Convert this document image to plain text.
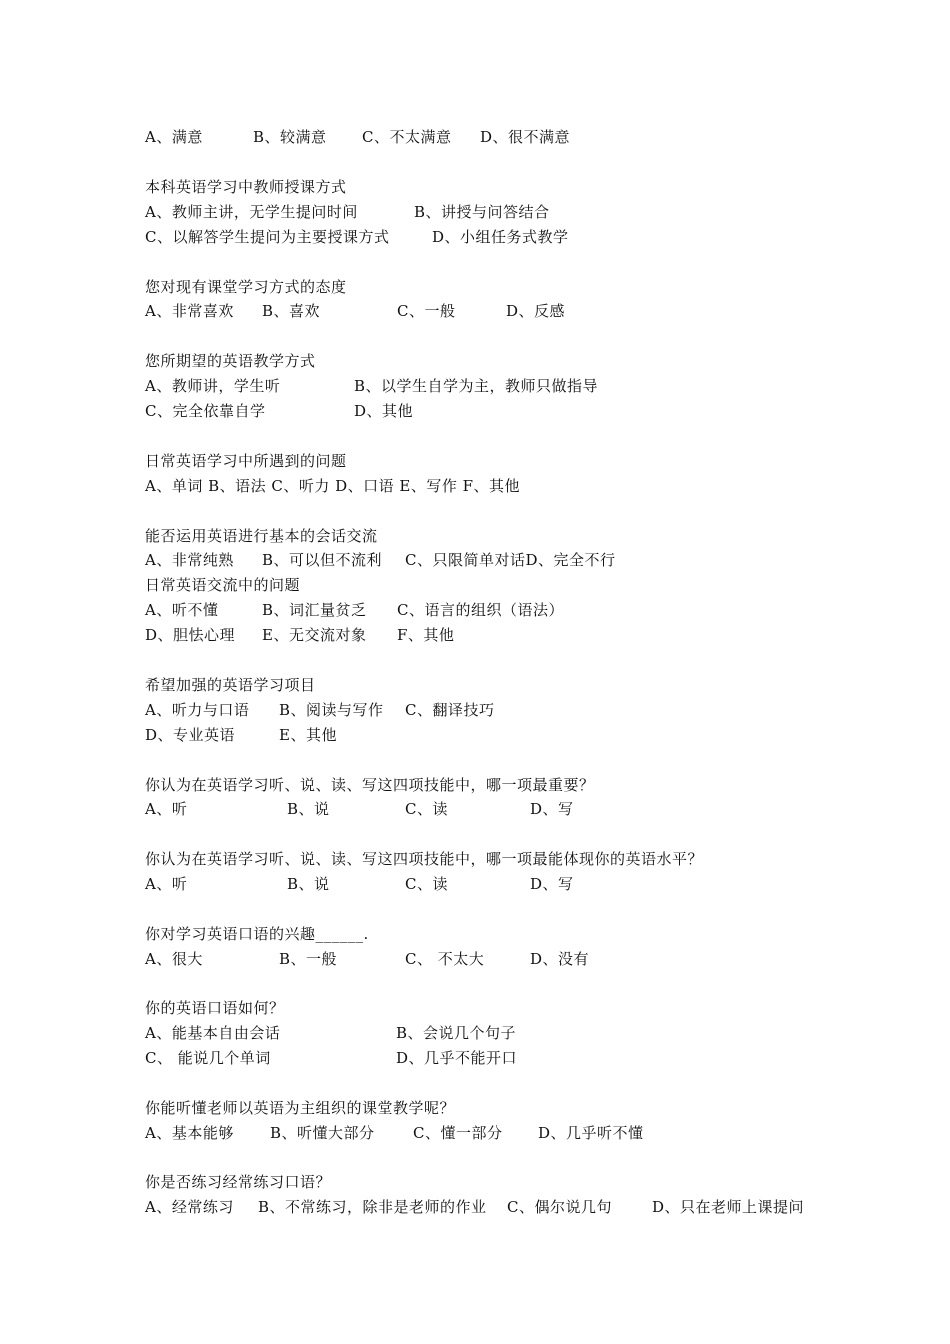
A、满意	B、较满意 C、不太满意 D、很不满意
本科英语学习中教师授课方式
A、教师主讲，无学生提问时间	B、讲授与问答结合
C、以解答学生提问为主要授课方式	D、小组任务式教学
您对现有课堂学习方式的态度
A、非常喜欢 B、喜欢	C、一般	D、反感
您所期望的英语教学方式
A、教师讲，学生听	B、以学生自学为主，教师只做指导
C、完全依靠自学	D、其他
日常英语学习中所遇到的问题
A、单词 B、语法 C、听力 D、口语 E、写作 F、其他
能否运用英语进行基本的会话交流
A、非常纯熟 B、可以但不流利 C、只限简单对话D、完全不行
日常英语交流中的问题
A、听不懂	B、词汇量贫乏 C、语言的组织（语法）
D、胆怯心理 E、无交流对象 F、其他
希望加强的英语学习项目
A、听力与口语 B、阅读与写作 C、翻译技巧
D、专业英语	E、其他
你认为在英语学习听、说、读、写这四项技能中，哪一项最重要？
A、听	B、说	C、读	D、写
你认为在英语学习听、说、读、写这四项技能中，哪一项最能体现你的英语水平？
A、听	B、说	C、读	D、写
你对学习英语口语的兴趣______.
A、很大	B、一般	C、 不太大	D、没有
你的英语口语如何？
A、能基本自由会话	B、会说几个句子
C、 能说几个单词	D、几乎不能开口
你能听懂老师以英语为主组织的课堂教学呢？
A、基本能够 B、听懂大部分	C、懂一部分 D、几乎听不懂
你是否练习经常练习口语？
A、经常练习 B、不常练习，除非是老师的作业 C、偶尔说几句	D、只在老师上课提问
